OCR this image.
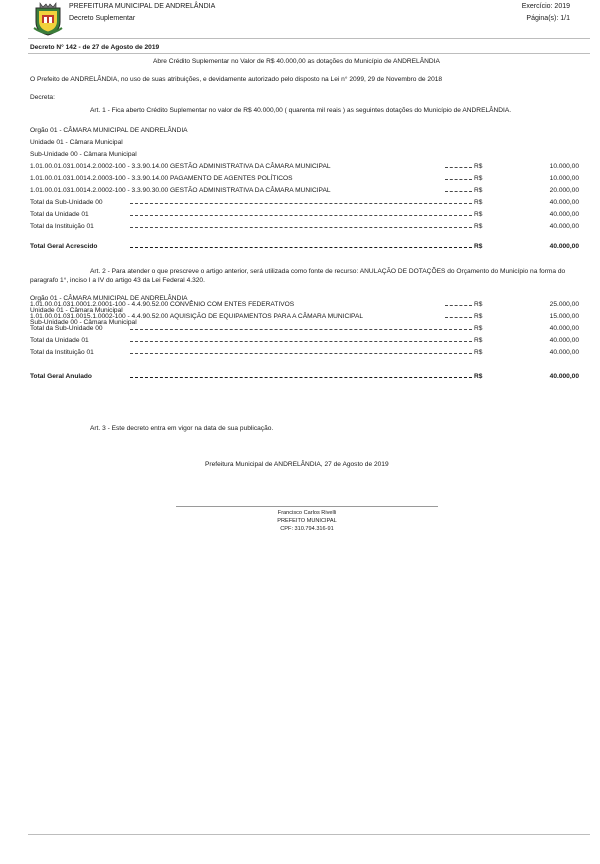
PREFEITURA MUNICIPAL DE ANDRELÂNDIA
Decreto Suplementar
Exercício: 2019
Página(s): 1/1
Decreto N° 142 - de 27 de Agosto de 2019
Abre Crédito Suplementar no Valor de R$ 40.000,00 as dotações do Município de ANDRELÂNDIA
O Prefeito de ANDRELÂNDIA, no uso de suas atribuições, e devidamente autorizado pelo disposto na Lei n° 2099, 29 de Novembro de 2018
Decreta:
Art. 1 - Fica aberto Crédito Suplementar no valor de R$ 40.000,00 ( quarenta mil reais ) as seguintes dotações do Município de ANDRELÂNDIA.
Orgão 01 - CÂMARA MUNICIPAL DE ANDRELÂNDIA
Unidade 01 - Câmara Municipal
Sub-Unidade 00 - Câmara Municipal
1.01.00.01.031.0014.2.0002-100 - 3.3.90.14.00 GESTÃO ADMINISTRATIVA DA CÂMARA MUNICIPAL	R$	10.000,00
1.01.00.01.031.0014.2.0003-100 - 3.3.90.14.00 PAGAMENTO DE AGENTES POLÍTICOS	R$	10.000,00
1.01.00.01.031.0014.2.0002-100 - 3.3.90.30.00 GESTÃO ADMINISTRATIVA DA CÂMARA MUNICIPAL	R$	20.000,00
Total da Sub-Unidade 00	R$	40.000,00
Total da Unidade 01	R$	40.000,00
Total da Instituição 01	R$	40.000,00
Total Geral Acrescido	R$	40.000,00
Art. 2 - Para atender o que prescreve o artigo anterior, será utilizada como fonte de recurso: ANULAÇÃO DE DOTAÇÕES do Orçamento do Município na forma do paragrafo 1°, inciso I a IV do artigo 43 da Lei Federal 4.320.
Orgão 01 - CÂMARA MUNICIPAL DE ANDRELÂNDIA
Unidade 01 - Câmara Municipal
Sub-Unidade 00 - Câmara Municipal
1.01.00.01.031.0001.2.0001-100 - 4.4.90.52.00 CONVÊNIO COM ENTES FEDERATIVOS	R$	25.000,00
1.01.00.01.031.0015.1.0002-100 - 4.4.90.52.00 AQUISIÇÃO DE EQUIPAMENTOS PARA A CÂMARA MUNICIPAL	R$	15.000,00
Total da Sub-Unidade 00	R$	40.000,00
Total da Unidade 01	R$	40.000,00
Total da Instituição 01	R$	40.000,00
Total Geral Anulado	R$	40.000,00
Art. 3 - Este decreto entra em vigor na data de sua publicação.
Prefeitura Municipal de ANDRELÂNDIA, 27 de Agosto de 2019
Francisco Carlos Rivelli
PREFEITO MUNICIPAL
CPF: 310.794.316-91
